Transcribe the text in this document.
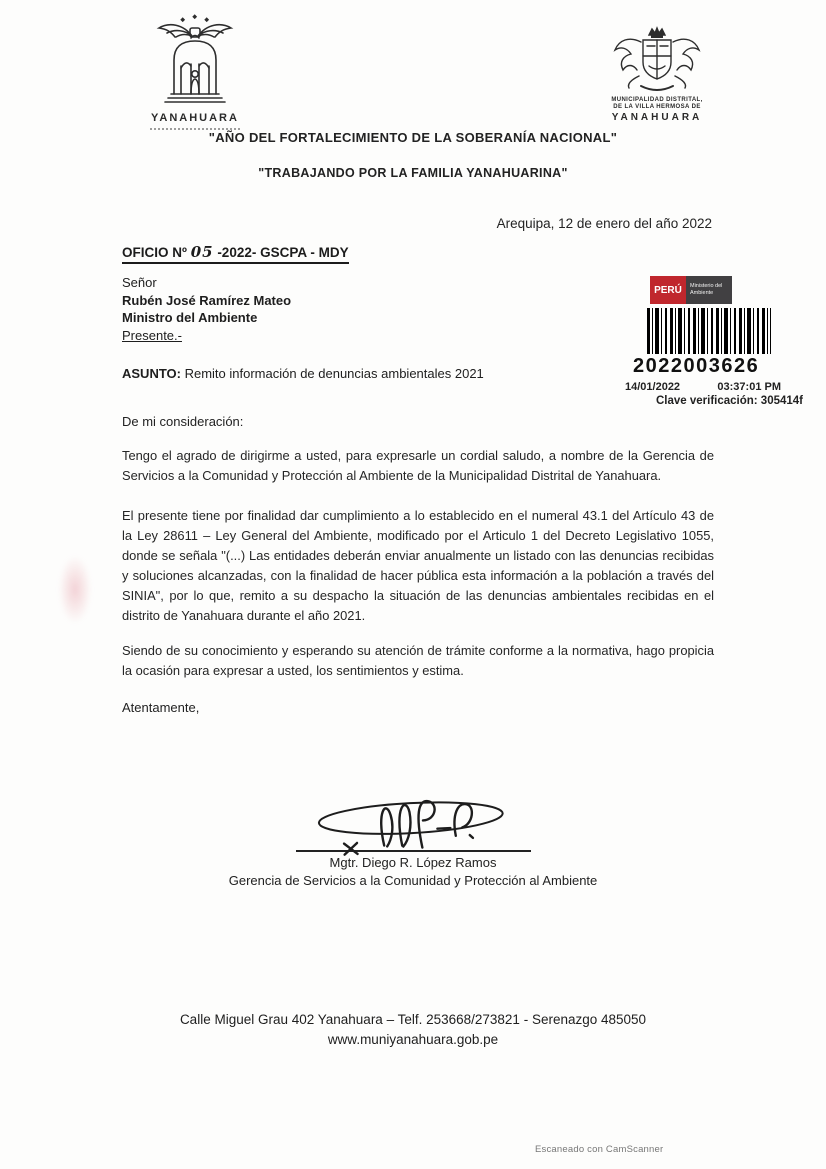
YANAHUARA
MUNICIPALIDAD DISTRITAL,
DE LA VILLA HERMOSA DE
YANAHUARA
"AÑO DEL FORTALECIMIENTO DE LA SOBERANÍA NACIONAL"
"TRABAJANDO POR LA FAMILIA YANAHUARINA"
Arequipa, 12 de enero del año 2022
OFICIO Nº 05 -2022- GSCPA - MDY
Señor
Rubén José Ramírez Mateo
Ministro del Ambiente
Presente.-
PERÚ	Ministerio del Ambiente
2022003626
14/01/2022	03:37:01 PM
Clave verificación: 305414f
ASUNTO: Remito información de denuncias ambientales 2021
De mi consideración:
Tengo el agrado de dirigirme a usted, para expresarle un cordial saludo, a nombre de la Gerencia de Servicios a la Comunidad y Protección al Ambiente de la Municipalidad Distrital de Yanahuara.
El presente tiene por finalidad dar cumplimiento a lo establecido en el numeral 43.1 del Artículo 43 de la Ley 28611 – Ley General del Ambiente, modificado por el Articulo 1 del Decreto Legislativo 1055, donde se señala "(...) Las entidades deberán enviar anualmente un listado con las denuncias recibidas y soluciones alcanzadas, con la finalidad de hacer pública esta información a la población a través del SINIA", por lo que, remito a su despacho la situación de las denuncias ambientales recibidas en el distrito de Yanahuara durante el año 2021.
Siendo de su conocimiento y esperando su atención de trámite conforme a la normativa, hago propicia la ocasión para expresar a usted, los sentimientos y estima.
Atentamente,
Mgtr. Diego R. López Ramos
Gerencia de Servicios a la Comunidad y Protección al Ambiente
Calle Miguel Grau 402 Yanahuara – Telf. 253668/273821 - Serenazgo 485050
www.muniyanahuara.gob.pe
Escaneado con CamScanner
